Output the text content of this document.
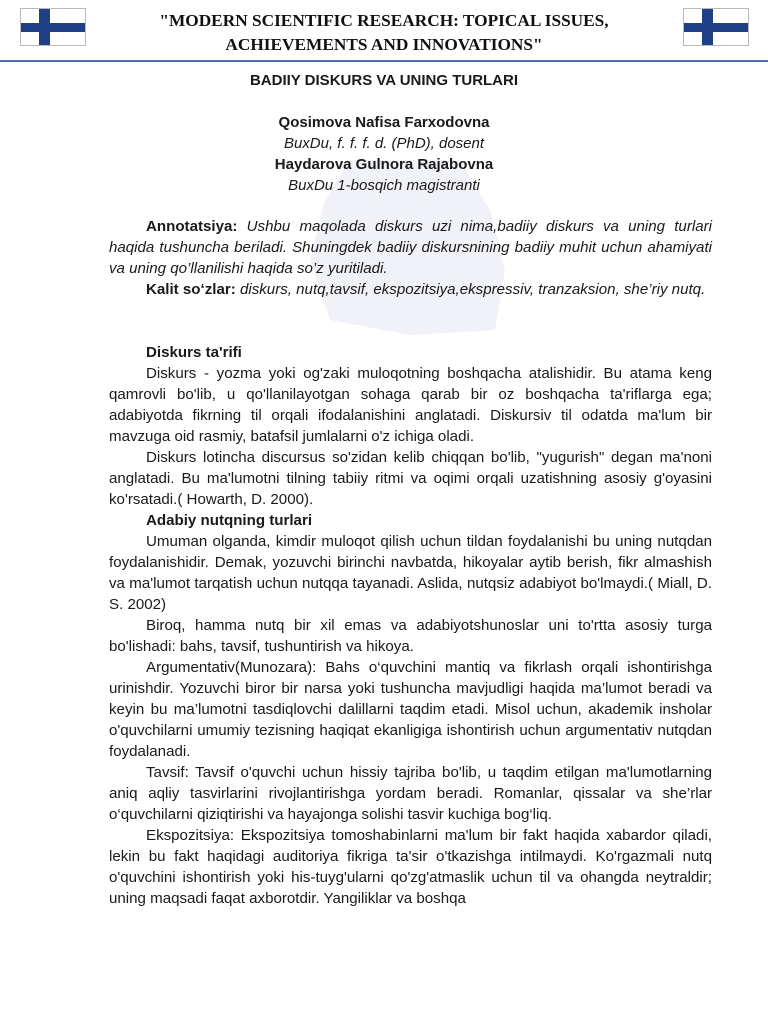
"MODERN SCIENTIFIC RESEARCH: TOPICAL ISSUES,
ACHIEVEMENTS AND INNOVATIONS"
BADIIY DISKURS VA UNING TURLARI
Qosimova Nafisa Farxodovna
BuxDu, f. f. f. d. (PhD), dosent
Haydarova Gulnora Rajabovna
BuxDu 1-bosqich magistranti

Annotatsiya: Ushbu maqolada diskurs uzi nima,badiiy diskurs va uning turlari haqida tushuncha beriladi. Shuningdek badiiy diskursnining badiiy muhit uchun ahamiyati va uning qo’llanilishi haqida so’z yuritiladi.

Kalit so‘zlar: diskurs, nutq,tavsif, ekspozitsiya,ekspressiv, tranzaksion, she’riy nutq.

Diskurs ta'rifi

Diskurs - yozma yoki og'zaki muloqotning boshqacha atalishidir. Bu atama keng qamrovli bo'lib, u qo'llanilayotgan sohaga qarab bir oz boshqacha ta'riflarga ega; adabiyotda fikrning til orqali ifodalanishini anglatadi. Diskursiv til odatda ma'lum bir mavzuga oid rasmiy, batafsil jumlalarni o'z ichiga oladi.

Diskurs lotincha discursus so'zidan kelib chiqqan bo'lib, "yugurish" degan ma'noni anglatadi. Bu ma'lumotni tilning tabiiy ritmi va oqimi orqali uzatishning asosiy g'oyasini ko'rsatadi.( Howarth, D. 2000).

Adabiy nutqning turlari

Umuman olganda, kimdir muloqot qilish uchun tildan foydalanishi bu uning nutqdan foydalanishidir. Demak, yozuvchi birinchi navbatda, hikoyalar aytib berish, fikr almashish va ma'lumot tarqatish uchun nutqqa tayanadi. Aslida, nutqsiz adabiyot bo'lmaydi.( Miall, D. S. 2002)

Biroq, hamma nutq bir xil emas va adabiyotshunoslar uni to'rtta asosiy turga bo'lishadi: bahs, tavsif, tushuntirish va hikoya.

Argumentativ(Munozara): Bahs o‘quvchini mantiq va fikrlash orqali ishontirishga urinishdir. Yozuvchi biror bir narsa yoki tushuncha mavjudligi haqida ma’lumot beradi va keyin bu ma’lumotni tasdiqlovchi dalillarni taqdim etadi. Misol uchun, akademik insholar o'quvchilarni umumiy tezisning haqiqat ekanligiga ishontirish uchun argumentativ nutqdan foydalanadi.

Tavsif: Tavsif o'quvchi uchun hissiy tajriba bo'lib, u taqdim etilgan ma'lumotlarning aniq aqliy tasvirlarini rivojlantirishga yordam beradi. Romanlar, qissalar va she’rlar o‘quvchilarni qiziqtirishi va hayajonga solishi tasvir kuchiga bog‘liq.

Ekspozitsiya: Ekspozitsiya tomoshabinlarni ma'lum bir fakt haqida xabardor qiladi, lekin bu fakt haqidagi auditoriya fikriga ta'sir o'tkazishga intilmaydi. Ko'rgazmali nutq o'quvchini ishontirish yoki his-tuyg'ularni qo'zg'atmaslik uchun til va ohangda neytraldir; uning maqsadi faqat axborotdir. Yangiliklar va boshqa
